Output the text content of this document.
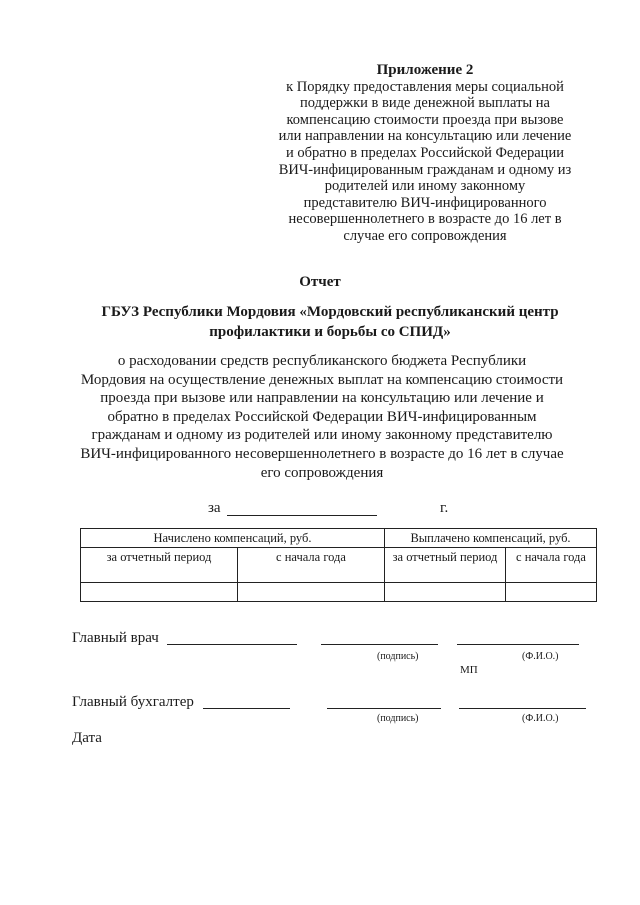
Приложение 2
к Порядку предоставления меры социальной
поддержки в виде денежной выплаты на
компенсацию стоимости проезда при вызове
или направлении на консультацию или лечение
и обратно в пределах Российской Федерации
ВИЧ-инфицированным гражданам и одному из
родителей или иному законному
представителю ВИЧ-инфицированного
несовершеннолетнего в возрасте до 16 лет в
случае его сопровождения
Отчет
ГБУЗ Республики Мордовия «Мордовский республиканский центр
профилактики и борьбы со СПИД»
о расходовании средств республиканского бюджета Республики
Мордовия на осуществление денежных выплат на компенсацию стоимости
проезда при вызове или направлении на консультацию или лечение и
обратно в пределах Российской Федерации ВИЧ-инфицированным
гражданам и одному из родителей или иному законному представителю
ВИЧ-инфицированного несовершеннолетнего в возрасте до 16 лет в случае
его сопровождения
за	г.
Начислено компенсаций, руб.		Выплачено компенсаций, руб.	
за отчетный период	с начала года	за отчетный период	с начала года

Главный врач
(подпись)	(Ф.И.О.)
МП
Главный бухгалтер
(подпись)	(Ф.И.О.)
Дата
